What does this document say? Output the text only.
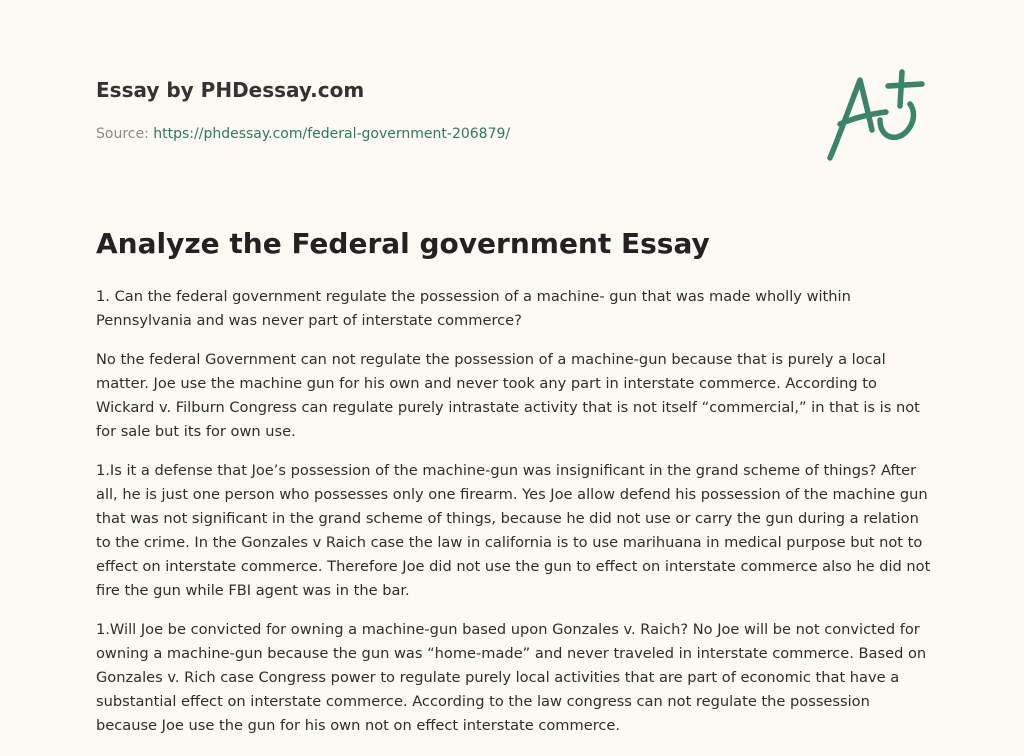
Essay by PHDessay.com
Source: https://phdessay.com/federal-government-206879/
Analyze the Federal government Essay

1. Can the federal government regulate the possession of a machine- gun that was made wholly within Pennsylvania and was never part of interstate commerce?

No the federal Government can not regulate the possession of a machine-gun because that is purely a local matter. Joe use the machine gun for his own and never took any part in interstate commerce. According to Wickard v. Filburn Congress can regulate purely intrastate activity that is not itself “commercial,” in that is is not for sale but its for own use.

1.Is it a defense that Joe’s possession of the machine-gun was insignificant in the grand scheme of things? After all, he is just one person who possesses only one firearm. Yes Joe allow defend his possession of the machine gun that was not significant in the grand scheme of things, because he did not use or carry the gun during a relation to the crime. In the Gonzales v Raich case the law in california is to use marihuana in medical purpose but not to effect on interstate commerce. Therefore Joe did not use the gun to effect on interstate commerce also he did not fire the gun while FBI agent was in the bar.

1.Will Joe be convicted for owning a machine-gun based upon Gonzales v. Raich? No Joe will be not convicted for owning a machine-gun because the gun was “home-made” and never traveled in interstate commerce. Based on Gonzales v. Rich case Congress power to regulate purely local activities that are part of economic that have a substantial effect on interstate commerce. According to the law congress can not regulate the possession because Joe use the gun for his own not on effect interstate commerce.
